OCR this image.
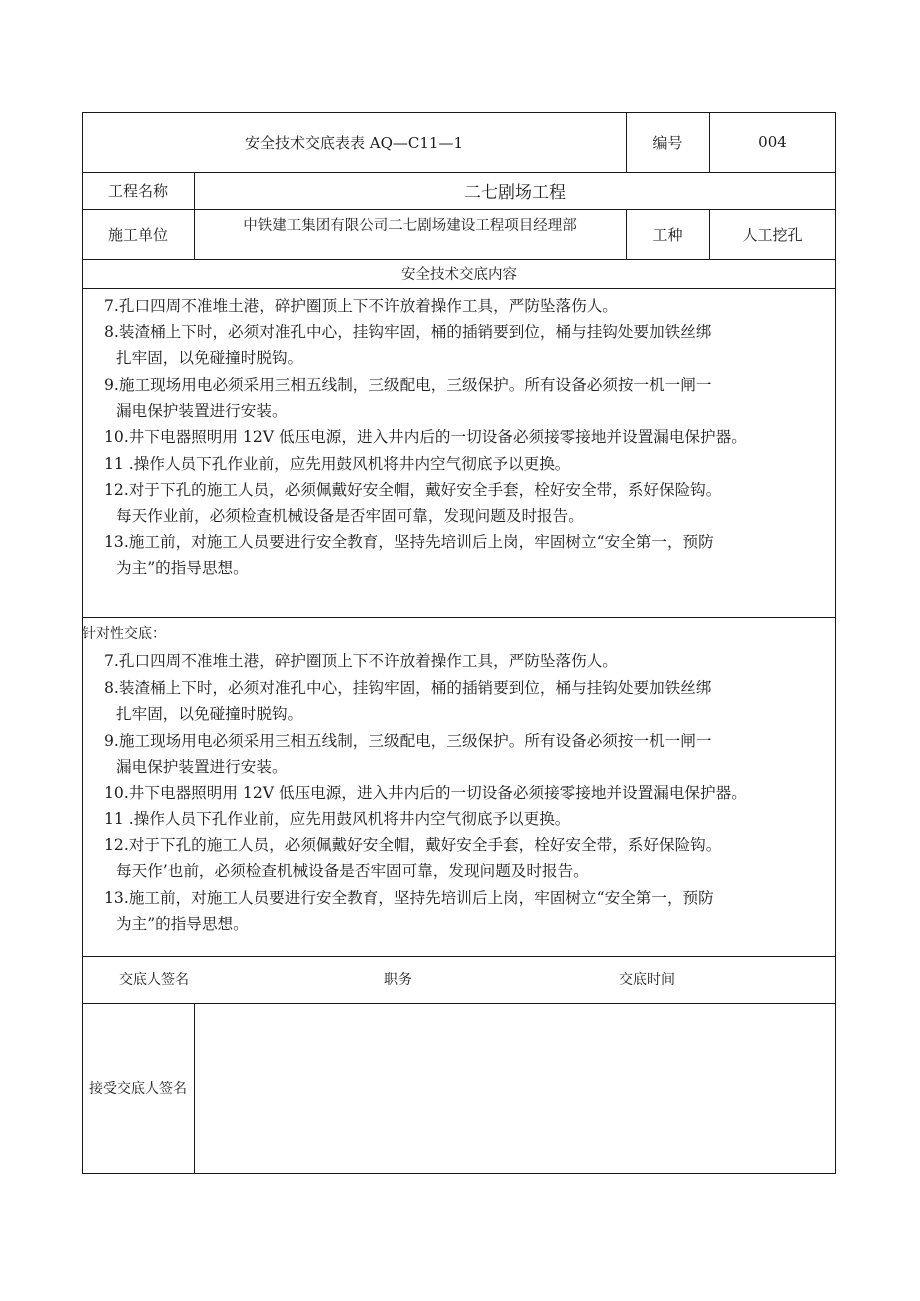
安全技术交底表表 AQ—C11—1	编号	004
工程名称	二七剧场工程
施工单位	中铁建工集团有限公司二七剧场建设工程项目经理部	工种	人工挖孔
安全技术交底内容
7.孔口四周不准堆土港，碎护圈顶上下不许放着操作工具，严防坠落伤人。
8.装渣桶上下时，必须对准孔中心，挂钩牢固，桶的插销要到位，桶与挂钩处要加铁丝绑
扎牢固，以免碰撞时脱钩。
9.施工现场用电必须采用三相五线制，三级配电，三级保护。所有设备必须按一机一闸一
漏电保护装置进行安装。
10.井下电器照明用 12V 低压电源，进入井内后的一切设备必须接零接地并设置漏电保护器。
11 .操作人员下孔作业前，应先用鼓风机将井内空气彻底予以更换。
12.对于下孔的施工人员，必须佩戴好安全帽，戴好安全手套，栓好安全带，系好保险钩。
每天作业前，必须检查机械设备是否牢固可靠，发现问题及时报告。
13.施工前，对施工人员要进行安全教育，坚持先培训后上岗，牢固树立“安全第一，预防
为主”的指导思想。
针对性交底：
7.孔口四周不准堆土港，碎护圈顶上下不许放着操作工具，严防坠落伤人。
8.装渣桶上下时，必须对准孔中心，挂钩牢固，桶的插销要到位，桶与挂钩处要加铁丝绑
扎牢固，以免碰撞时脱钩。
9.施工现场用电必须采用三相五线制，三级配电，三级保护。所有设备必须按一机一闸一
漏电保护装置进行安装。
10.井下电器照明用 12V 低压电源，进入井内后的一切设备必须接零接地并设置漏电保护器。
11 .操作人员下孔作业前，应先用鼓风机将井内空气彻底予以更换。
12.对于下孔的施工人员，必须佩戴好安全帽，戴好安全手套，栓好安全带，系好保险钩。
每天作’也前，必须检查机械设备是否牢固可靠，发现问题及时报告。
13.施工前，对施工人员要进行安全教育，坚持先培训后上岗，牢固树立“安全第一，预防
为主”的指导思想。
交底人签名	职务	交底时间
接受交底人签名
